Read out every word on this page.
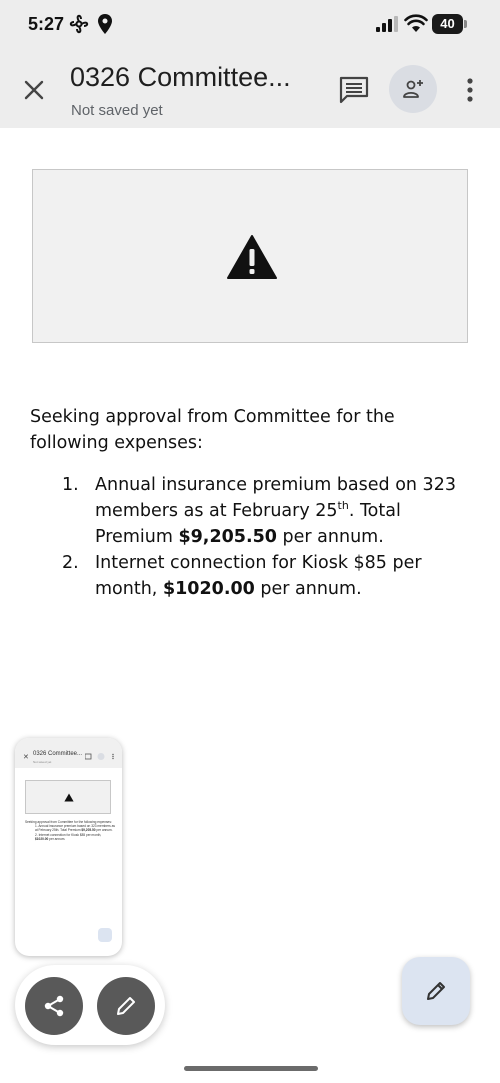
5:27	40
0326 Committee...
Not saved yet

Seeking approval from Committee for the following expenses:

1. Annual insurance premium based on 323 members as at February 25th. Total Premium $9,205.50 per annum.
2. Internet connection for Kiosk $85 per month, $1020.00 per annum.
✕ 0326 Committee...
Not saved yet
Seeking approval from Committee for the following expenses:
1. Annual insurance premium based on 323 members as at February 25th. Total Premium $9,205.50 per annum.
2. Internet connection for Kiosk $85 per month, $1020.00 per annum.
